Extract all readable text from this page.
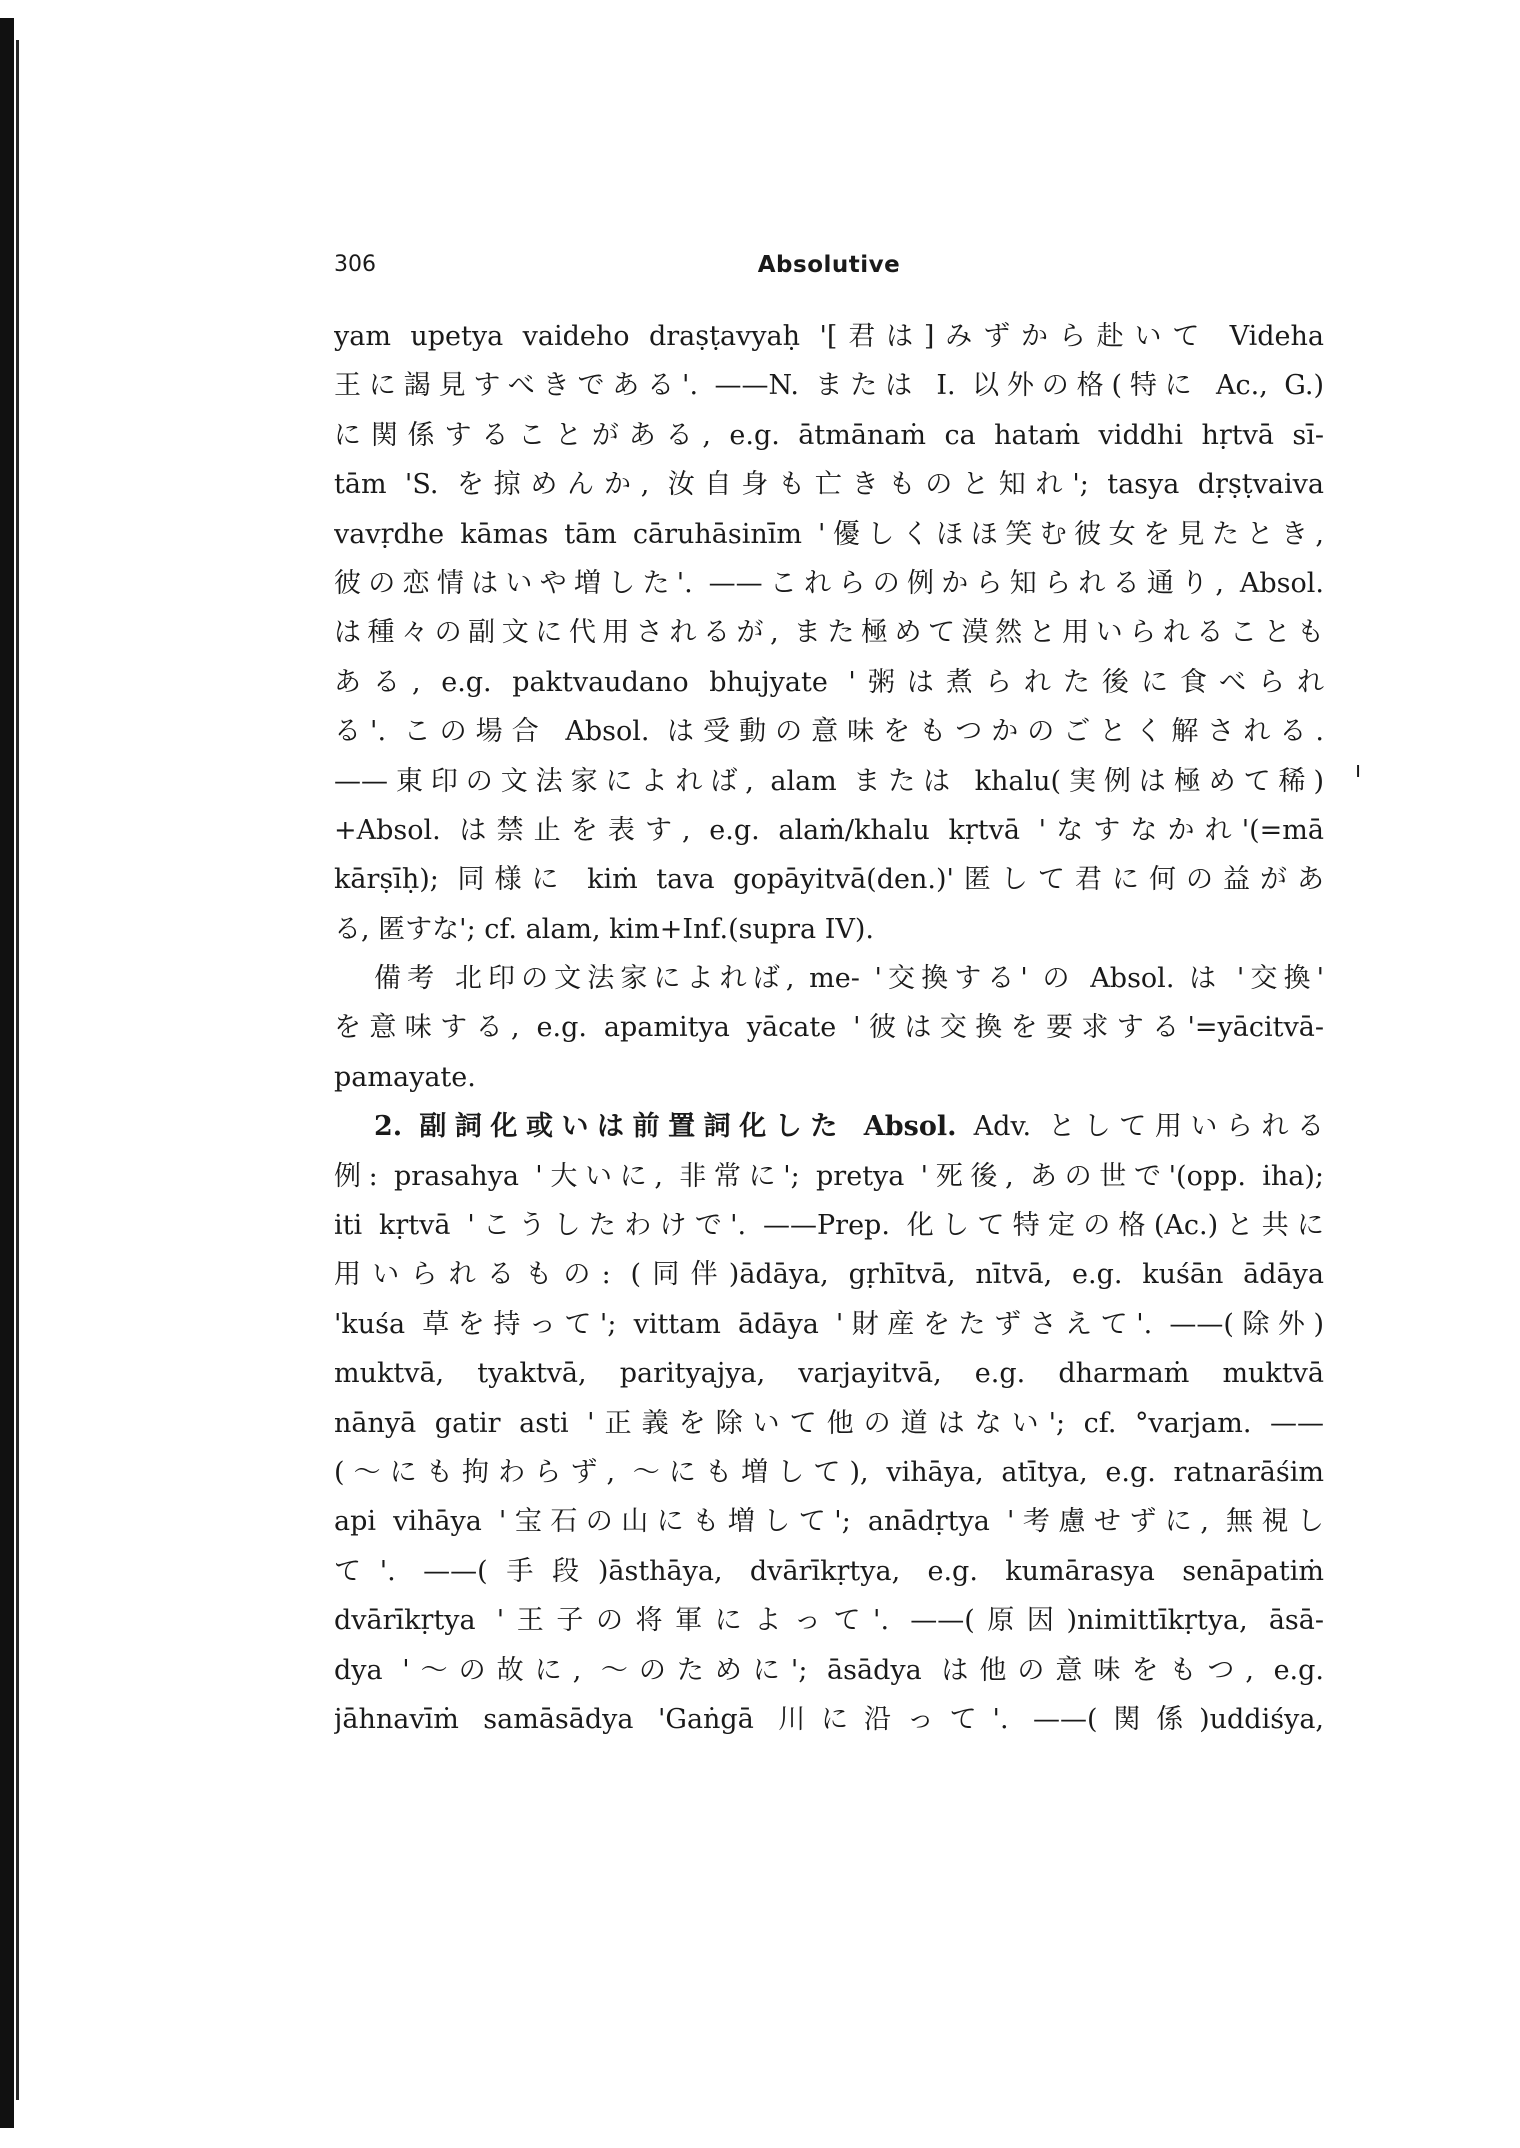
306	Absolutive
ı
yam upetya vaideho draṣṭavyaḥ '[君は]みずから赴いて Videha
王に謁見すべきである'. ——N. または I. 以外の格(特に Ac., G.)
に関係することがある, e.g. ātmānaṁ ca hataṁ viddhi hṛtvā sī-
tām 'S. を掠めんか, 汝自身も亡きものと知れ'; tasya dṛṣṭvaiva
vavṛdhe kāmas tām cāruhāsinīm '優しくほほ笑む彼女を見たとき,
彼の恋情はいや増した'. ——これらの例から知られる通り, Absol.
は種々の副文に代用されるが, また極めて漠然と用いられることも
ある, e.g. paktvaudano bhujyate '粥は煮られた後に食べられ
る'. この場合 Absol. は受動の意味をもつかのごとく解される.
——東印の文法家によれば, alam または khalu(実例は極めて稀)
+Absol. は禁止を表す, e.g. alaṁ/khalu kṛtvā 'なすなかれ'(=mā
kārṣīḥ); 同様に kiṁ tava gopāyitvā(den.)'匿して君に何の益があ
る, 匿すな'; cf. alam, kim+Inf.(supra IV).
備考 北印の文法家によれば, me- '交換する' の Absol. は '交換'
を意味する, e.g. apamitya yācate '彼は交換を要求する'=yācitvā-
pamayate.
2. 副詞化或いは前置詞化した Absol. Adv. として用いられる
例: prasahya '大いに, 非常に'; pretya '死後, あの世で'(opp. iha);
iti kṛtvā 'こうしたわけで'. ——Prep. 化して特定の格(Ac.)と共に
用いられるもの: (同伴)ādāya, gṛhītvā, nītvā, e.g. kuśān ādāya
'kuśa 草を持って'; vittam ādāya '財産をたずさえて'. ——(除外)
muktvā, tyaktvā, parityajya, varjayitvā, e.g. dharmaṁ muktvā
nānyā gatir asti '正義を除いて他の道はない'; cf. °varjam. ——
(〜にも拘わらず, 〜にも増して), vihāya, atītya, e.g. ratnarāśim
api vihāya '宝石の山にも増して'; anādṛtya '考慮せずに, 無視し
て'. ——(手段)āsthāya, dvārīkṛtya, e.g. kumārasya senāpatiṁ
dvārīkṛtya '王子の将軍によって'. ——(原因)nimittīkṛtya, āsā-
dya '〜の故に, 〜のために'; āsādya は他の意味をもつ, e.g.
jāhnavīṁ samāsādya 'Gaṅgā 川に沿って'. ——(関係)uddiśya,
